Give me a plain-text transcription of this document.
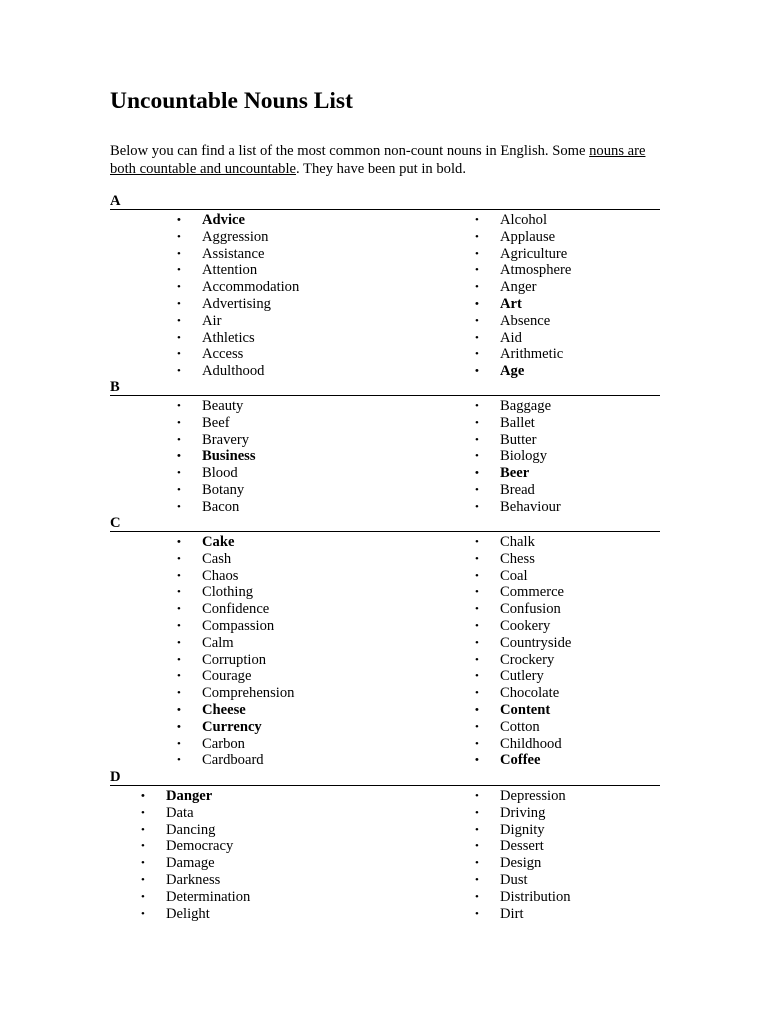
Uncountable Nouns List

Below you can find a list of the most common non-count nouns in English. Some nouns are both countable and uncountable. They have been put in bold.

A
• Advice
• Aggression
• Assistance
• Attention
• Accommodation
• Advertising
• Air
• Athletics
• Access
• Adulthood
• Alcohol
• Applause
• Agriculture
• Atmosphere
• Anger
• Art
• Absence
• Aid
• Arithmetic
• Age
B
• Beauty
• Beef
• Bravery
• Business
• Blood
• Botany
• Bacon
• Baggage
• Ballet
• Butter
• Biology
• Beer
• Bread
• Behaviour
C
• Cake
• Cash
• Chaos
• Clothing
• Confidence
• Compassion
• Calm
• Corruption
• Courage
• Comprehension
• Cheese
• Currency
• Carbon
• Cardboard
• Chalk
• Chess
• Coal
• Commerce
• Confusion
• Cookery
• Countryside
• Crockery
• Cutlery
• Chocolate
• Content
• Cotton
• Childhood
• Coffee
D
• Danger
• Data
• Dancing
• Democracy
• Damage
• Darkness
• Determination
• Delight
• Depression
• Driving
• Dignity
• Dessert
• Design
• Dust
• Distribution
• Dirt
